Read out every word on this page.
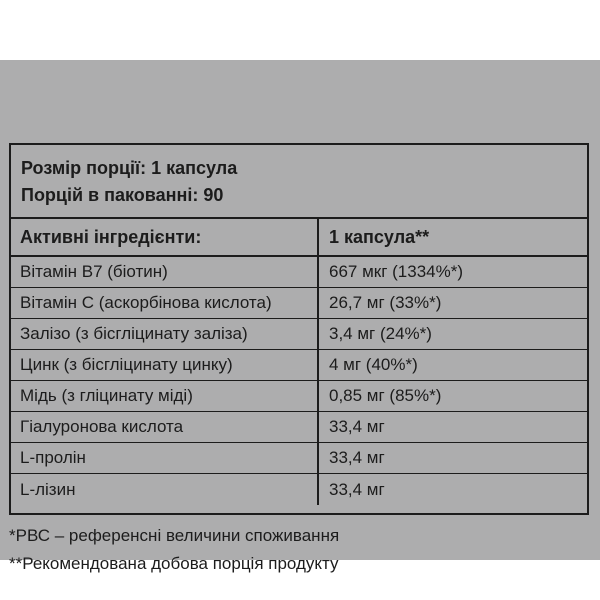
Розмір порції: 1 капсула
Порцій в пакованні: 90
Активні інгредієнти:	1 капсула**
Вітамін В7 (біотин)	667 мкг (1334%*)
Вітамін С (аскорбінова кислота)	26,7 мг (33%*)
Залізо (з бісгліцинату заліза)	3,4 мг (24%*)
Цинк (з бісгліцинату цинку)	4 мг (40%*)
Мідь (з гліцинату міді)	0,85 мг (85%*)
Гіалуронова кислота	33,4 мг
L-пролін	33,4 мг
L-лізин	33,4 мг
*РВС – референсні величини споживання
**Рекомендована добова порція продукту
